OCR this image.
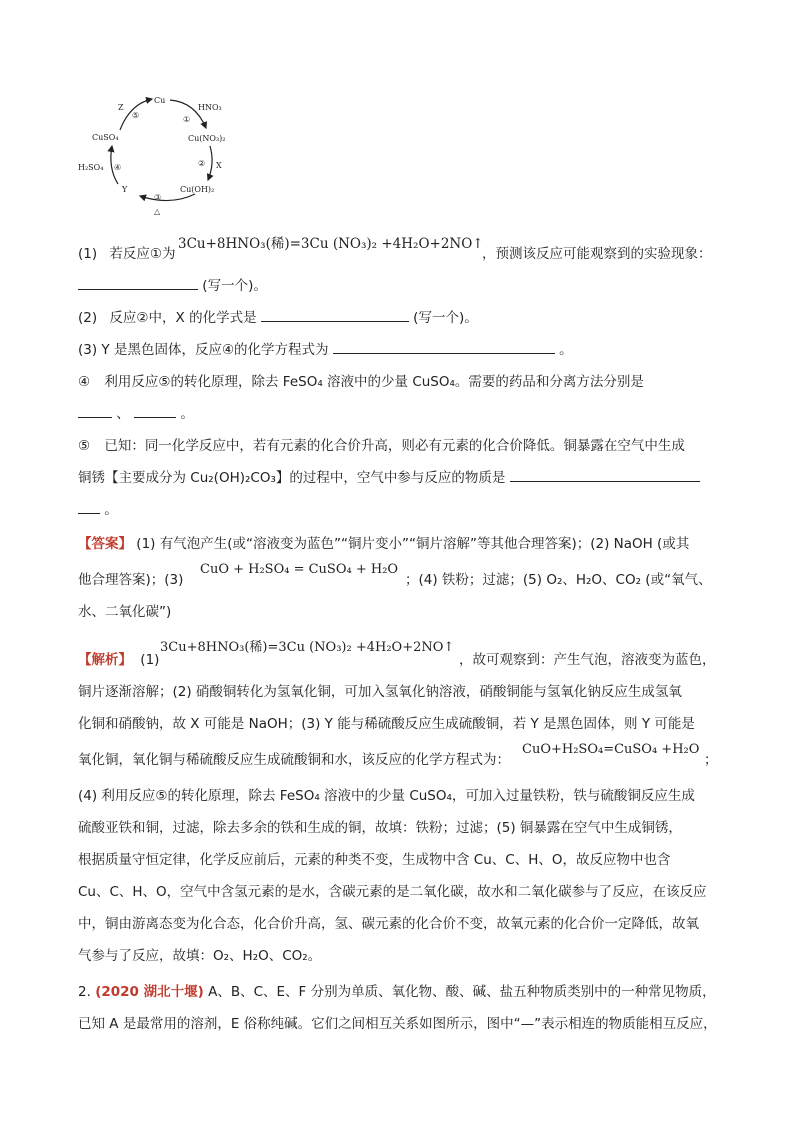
Cu
Cu(NO₃)₂
Cu(OH)₂
CuSO₄
HNO₃
X
Y
Z
H₂SO₄
△
①
②
③
④
⑤
(1) 若反应①为
3Cu+8HNO₃(稀)=3Cu (NO₃)₂ +4H₂O+2NO↑
，预测该反应可能观察到的实验现象：
(写一个)。
(2) 反应②中，X 的化学式是	(写一个)。
(3) Y 是黑色固体，反应④的化学方程式为	。
④ 利用反应⑤的转化原理，除去 FeSO₄ 溶液中的少量 CuSO₄。需要的药品和分离方法分别是
、	。
⑤ 已知：同一化学反应中，若有元素的化合价升高，则必有元素的化合价降低。铜暴露在空气中生成
铜锈【主要成分为 Cu₂(OH)₂CO₃】的过程中，空气中参与反应的物质是
。
【答案】 (1) 有气泡产生(或“溶液变为蓝色”“铜片变小”“铜片溶解”等其他合理答案)；(2) NaOH (或其
他合理答案)；(3)
CuO + H₂SO₄ = CuSO₄ + H₂O
；(4) 铁粉；过滤；(5) O₂、H₂O、CO₂ (或“氧气、
水、二氧化碳”)
【解析】 (1)
3Cu+8HNO₃(稀)=3Cu (NO₃)₂ +4H₂O+2NO↑
，故可观察到：产生气泡，溶液变为蓝色，
铜片逐渐溶解；(2) 硝酸铜转化为氢氧化铜，可加入氢氧化钠溶液，硝酸铜能与氢氧化钠反应生成氢氧
化铜和硝酸钠，故 X 可能是 NaOH；(3) Y 能与稀硫酸反应生成硫酸铜，若 Y 是黑色固体，则 Y 可能是
氧化铜，氧化铜与稀硫酸反应生成硫酸铜和水，该反应的化学方程式为：
CuO+H₂SO₄=CuSO₄ +H₂O
；
(4) 利用反应⑤的转化原理，除去 FeSO₄ 溶液中的少量 CuSO₄，可加入过量铁粉，铁与硫酸铜反应生成
硫酸亚铁和铜，过滤，除去多余的铁和生成的铜，故填：铁粉；过滤；(5) 铜暴露在空气中生成铜锈，
根据质量守恒定律，化学反应前后，元素的种类不变，生成物中含 Cu、C、H、O，故反应物中也含
Cu、C、H、O，空气中含氢元素的是水，含碳元素的是二氧化碳，故水和二氧化碳参与了反应，在该反应
中，铜由游离态变为化合态，化合价升高，氢、碳元素的化合价不变，故氧元素的化合价一定降低，故氧
气参与了反应，故填：O₂、H₂O、CO₂。
2. (2020 湖北十堰) A、B、C、E、F 分别为单质、氧化物、酸、碱、盐五种物质类别中的一种常见物质，
已知 A 是最常用的溶剂，E 俗称纯碱。它们之间相互关系如图所示，图中“—”表示相连的物质能相互反应，
